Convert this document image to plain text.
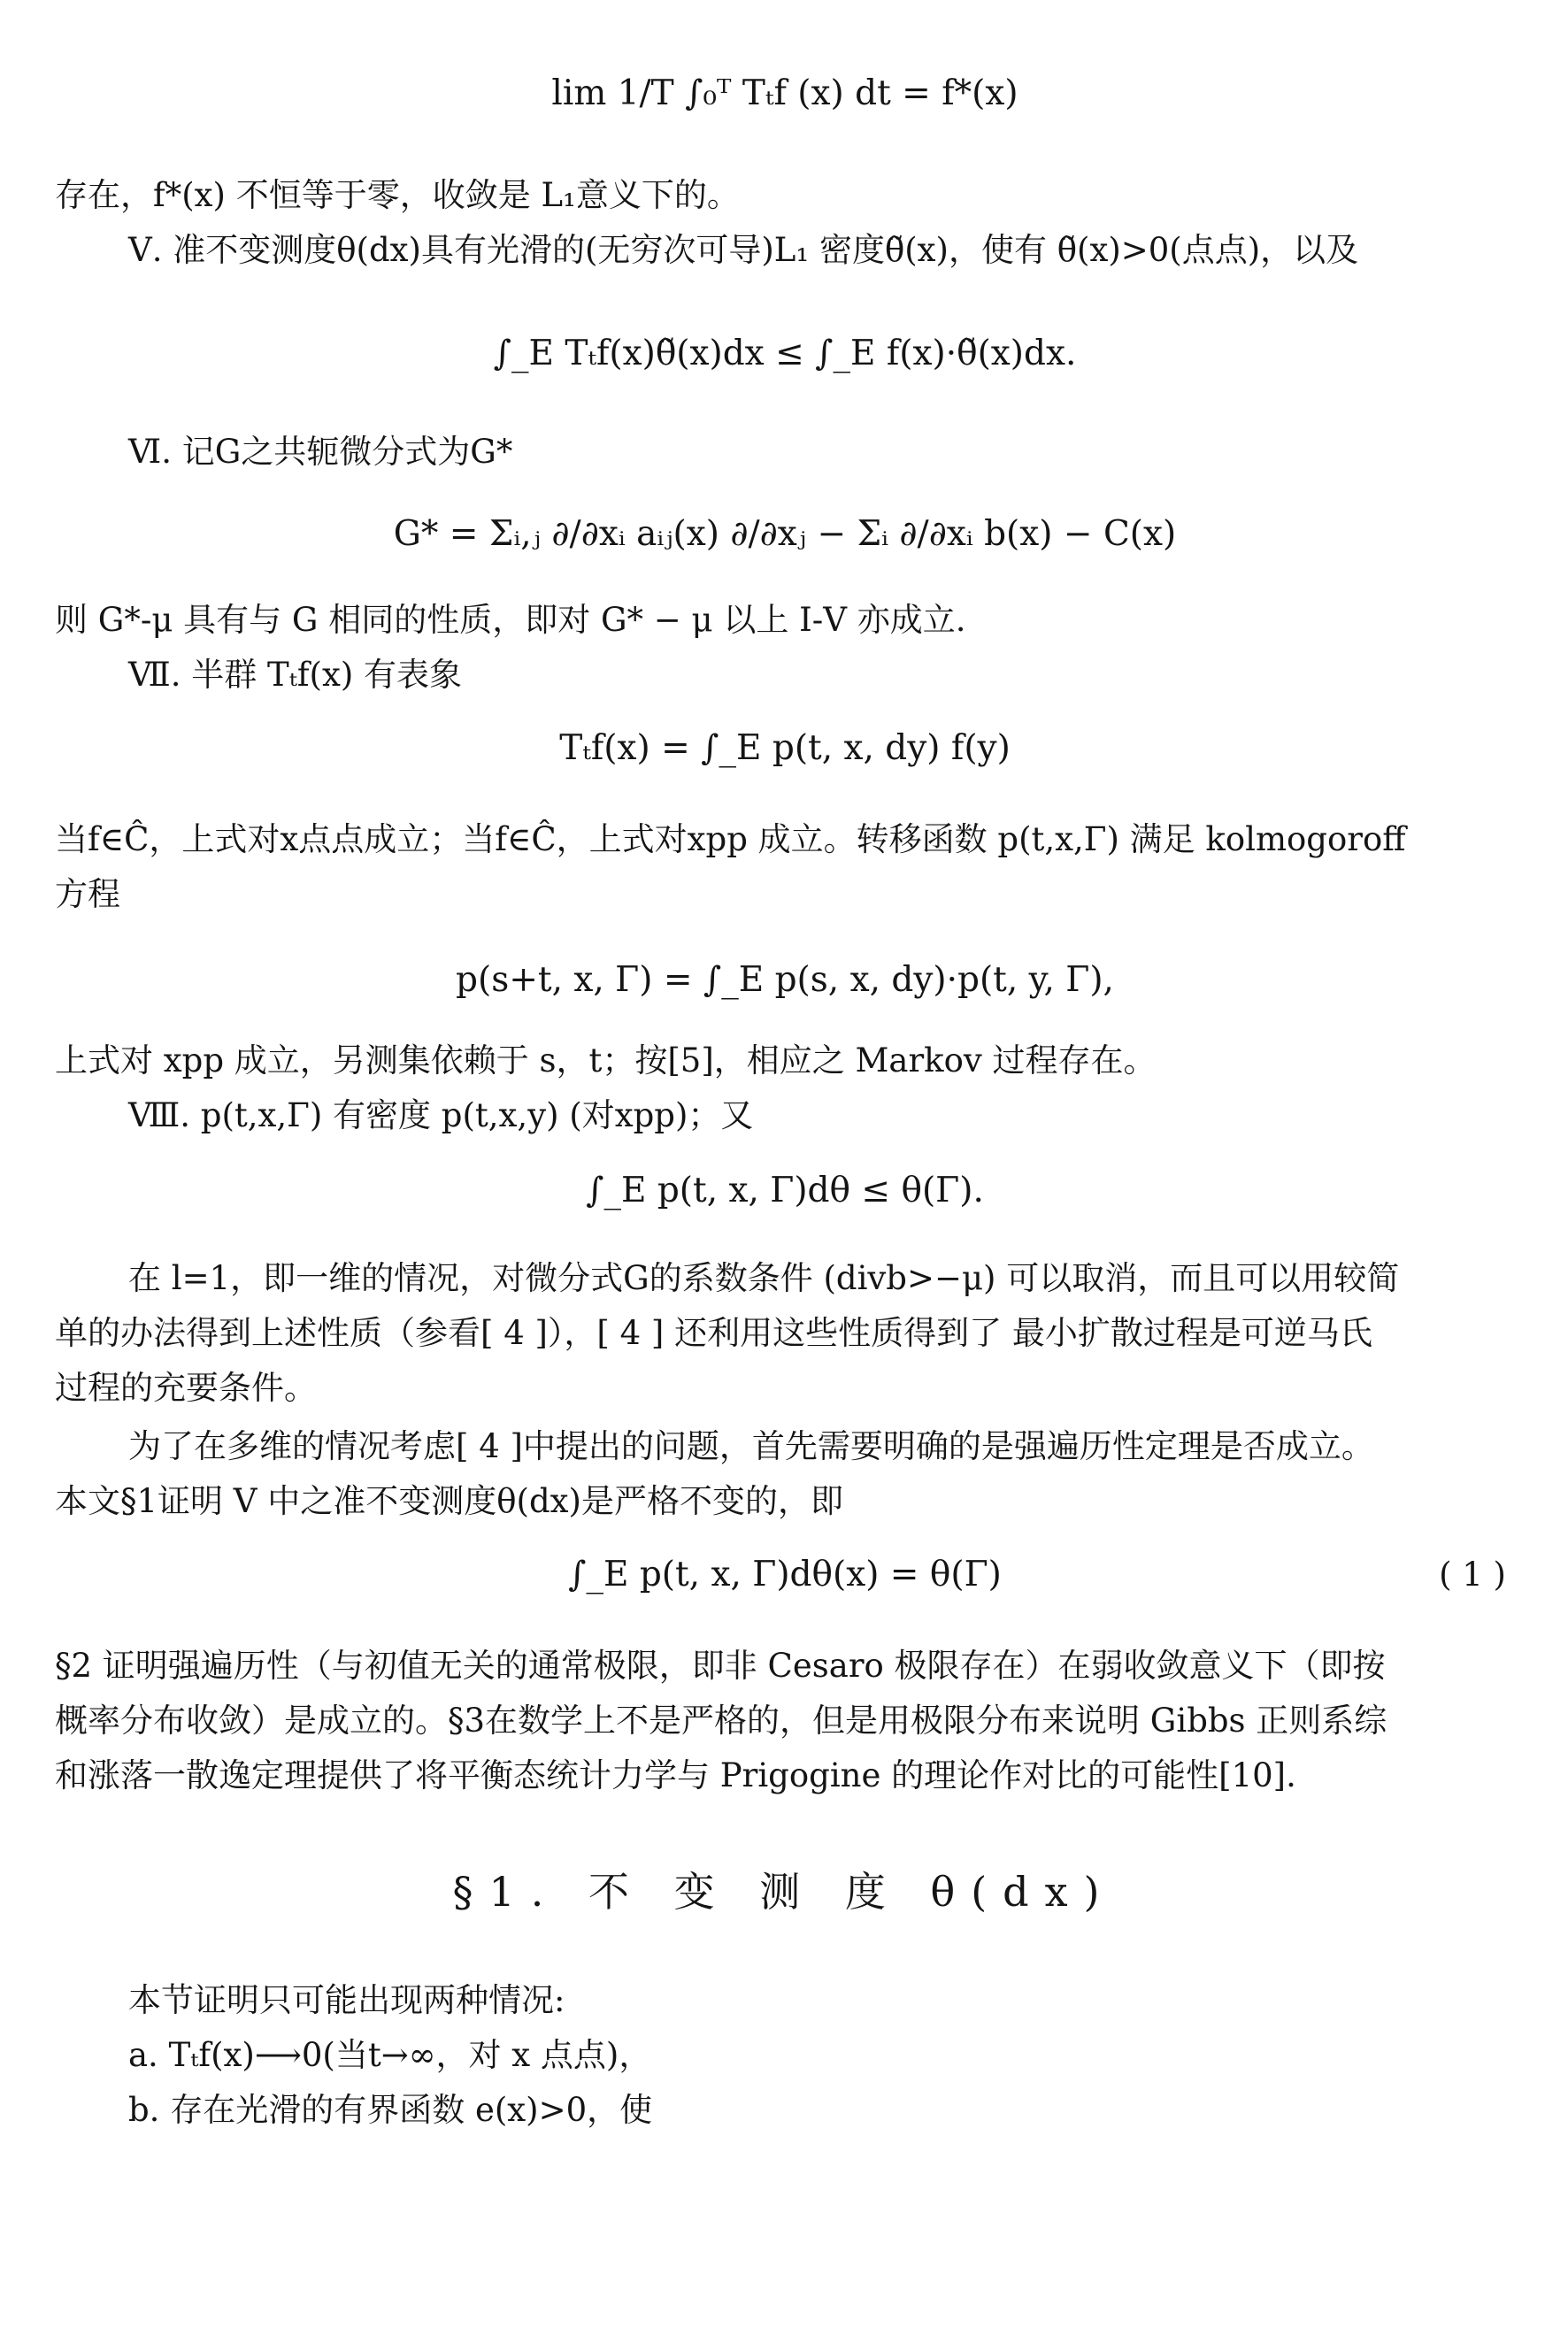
lim 1/T ∫₀ᵀ Tₜf (x) dt = f*(x)
存在，f*(x) 不恒等于零，收敛是 L₁意义下的。
Ⅴ. 准不变测度θ(dx)具有光滑的(无穷次可导)L₁ 密度θ̃(x)，使有 θ̃(x)>0(点点)，以及
∫_E Tₜf(x)θ̃(x)dx ≤ ∫_E f(x)·θ̃(x)dx.
Ⅵ. 记G之共轭微分式为G*
G* = Σᵢ,ⱼ ∂/∂xᵢ aᵢⱼ(x) ∂/∂xⱼ − Σᵢ ∂/∂xᵢ b(x) − C(x)
则 G*-μ 具有与 G 相同的性质，即对 G* − μ 以上 Ⅰ-Ⅴ 亦成立.
Ⅶ. 半群 Tₜf(x) 有表象
Tₜf(x) = ∫_E p(t, x, dy) f(y)
当f∈Ĉ，上式对x点点成立；当f∈Ĉ，上式对xpp 成立。转移函数 p(t,x,Γ) 满足 kolmogoroff
方程
p(s+t, x, Γ) = ∫_E p(s, x, dy)·p(t, y, Γ),
上式对 xpp 成立，另测集依赖于 s，t；按[5]，相应之 Markov 过程存在。
Ⅷ. p(t,x,Γ) 有密度 p(t,x,y) (对xpp)；又
∫_E p(t, x, Γ)dθ ≤ θ(Γ).
在 l=1，即一维的情况，对微分式G的系数条件 (divb>−μ) 可以取消，而且可以用较简
单的办法得到上述性质（参看[ 4 ]），[ 4 ] 还利用这些性质得到了 最小扩散过程是可逆马氏
过程的充要条件。
为了在多维的情况考虑[ 4 ]中提出的问题，首先需要明确的是强遍历性定理是否成立。
本文§1证明 Ⅴ 中之准不变测度θ(dx)是严格不变的，即
∫_E p(t, x, Γ)dθ(x) = θ(Γ)	( 1 )
§2 证明强遍历性（与初值无关的通常极限，即非 Cesaro 极限存在）在弱收敛意义下（即按
概率分布收敛）是成立的。§3在数学上不是严格的，但是用极限分布来说明 Gibbs 正则系综
和涨落一散逸定理提供了将平衡态统计力学与 Prigogine 的理论作对比的可能性[10].
§1. 不 变 测 度 θ(dx)
本节证明只可能出现两种情况:
a. Tₜf(x)⟶0(当t→∞，对 x 点点)，
b. 存在光滑的有界函数 e(x)>0，使
